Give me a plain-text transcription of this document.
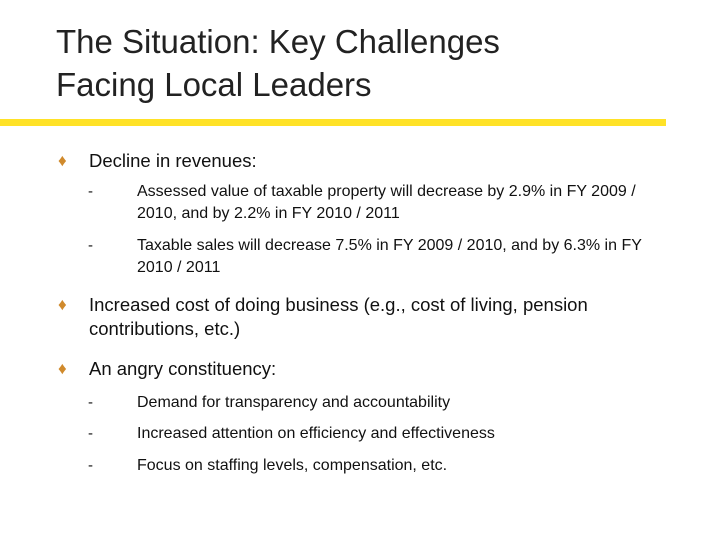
The Situation: Key Challenges
Facing Local Leaders
♦ Decline in revenues:
-	Assessed value of taxable property will decrease by 2.9% in FY 2009 / 2010, and by 2.2% in FY 2010 / 2011
-	Taxable sales will decrease 7.5% in FY 2009 / 2010, and by 6.3% in FY 2010 / 2011
♦ Increased cost of doing business (e.g., cost of living, pension contributions, etc.)
♦ An angry constituency:
-	Demand for transparency and accountability
-	Increased attention on efficiency and effectiveness
-	Focus on staffing levels, compensation, etc.
